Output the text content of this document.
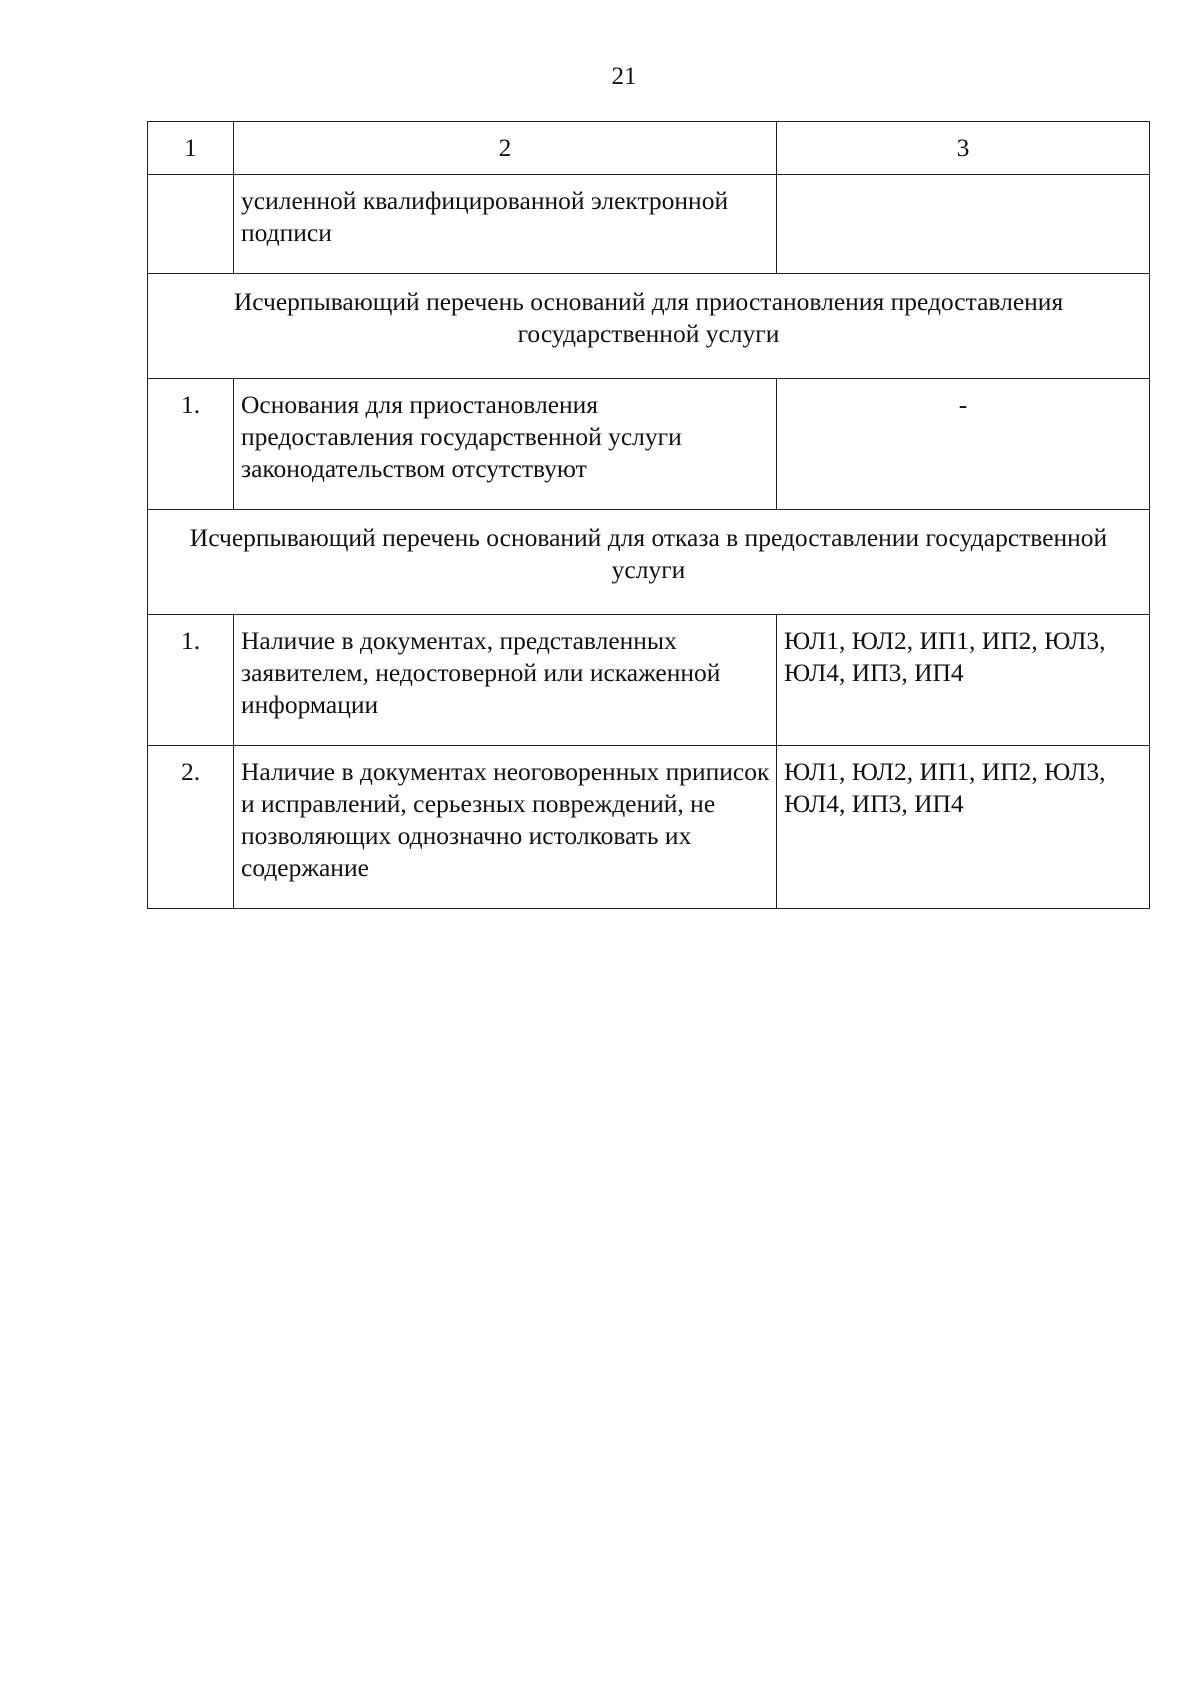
21
1	2	3
	усиленной квалифицированной электронной подписи	
Исчерпывающий перечень оснований для приостановления предоставления государственной услуги		
1.	Основания для приостановления предоставления государственной услуги законодательством отсутствуют	-
Исчерпывающий перечень оснований для отказа в предоставлении государственной услуги		
1.	Наличие в документах, представленных заявителем, недостоверной или искаженной информации	ЮЛ1, ЮЛ2, ИП1, ИП2, ЮЛ3, ЮЛ4, ИП3, ИП4
2.	Наличие в документах неоговоренных приписок и исправлений, серьезных повреждений, не позволяющих однозначно истолковать их содержание	ЮЛ1, ЮЛ2, ИП1, ИП2, ЮЛ3, ЮЛ4, ИП3, ИП4
